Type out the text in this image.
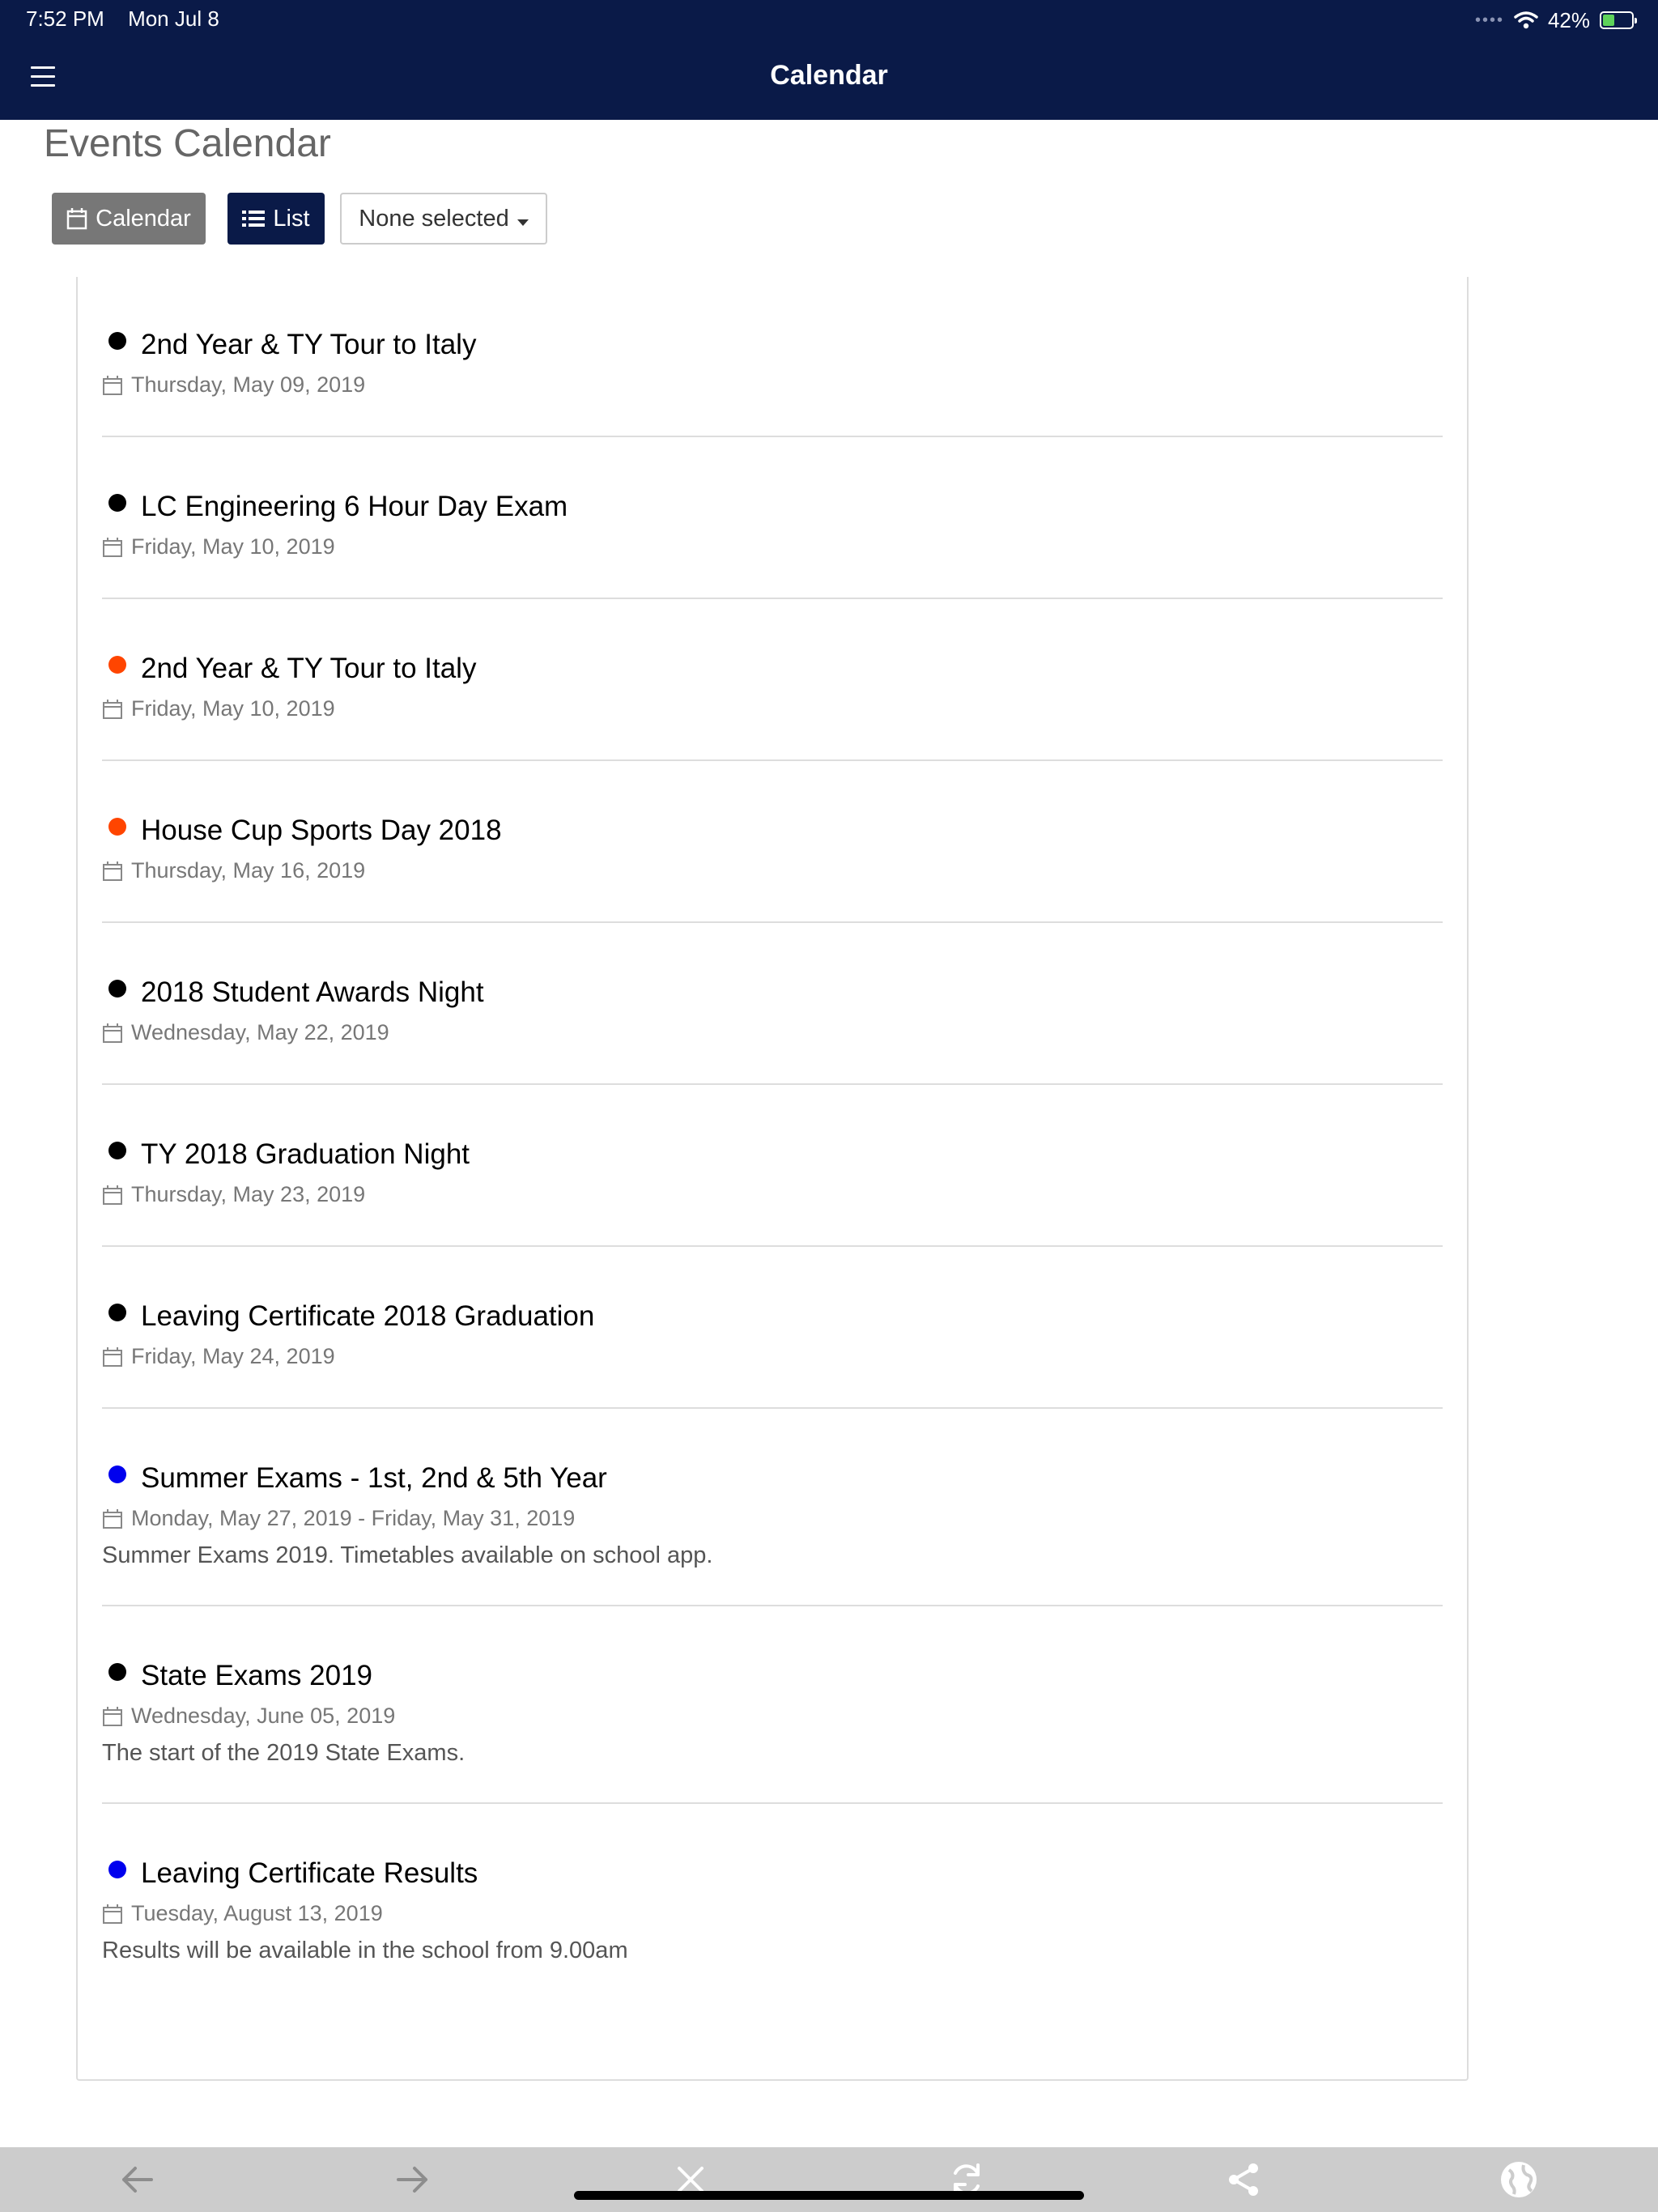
7:52 PM Mon Jul 8	•••• 42%
Calendar
Events Calendar
Calendar	List None selected
2nd Year & TY Tour to Italy
Thursday, May 09, 2019
LC Engineering 6 Hour Day Exam
Friday, May 10, 2019
2nd Year & TY Tour to Italy
Friday, May 10, 2019
House Cup Sports Day 2018
Thursday, May 16, 2019
2018 Student Awards Night
Wednesday, May 22, 2019
TY 2018 Graduation Night
Thursday, May 23, 2019
Leaving Certificate 2018 Graduation
Friday, May 24, 2019
Summer Exams - 1st, 2nd & 5th Year
Monday, May 27, 2019 - Friday, May 31, 2019
Summer Exams 2019. Timetables available on school app.
State Exams 2019
Wednesday, June 05, 2019
The start of the 2019 State Exams.
Leaving Certificate Results
Tuesday, August 13, 2019
Results will be available in the school from 9.00am
